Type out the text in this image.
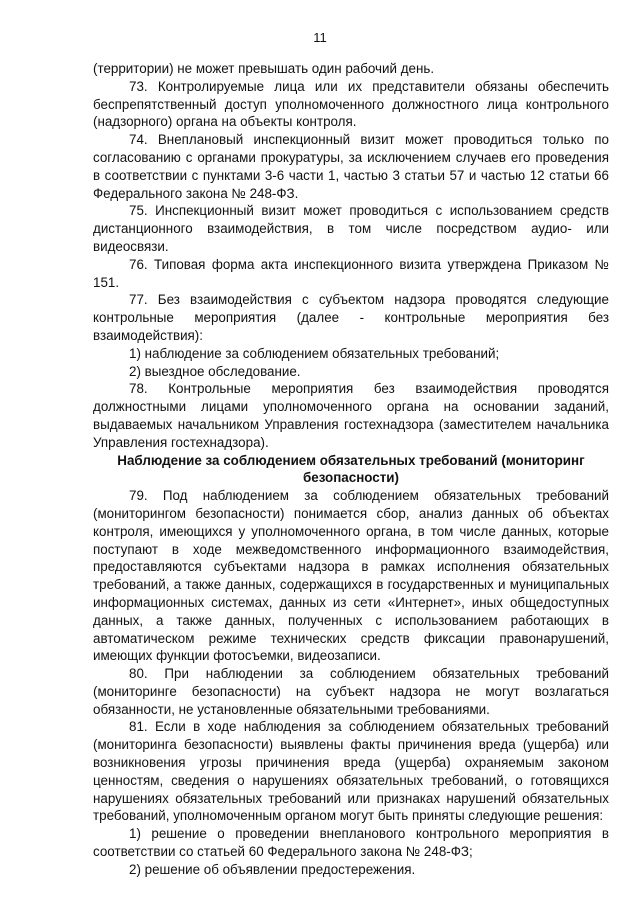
11

(территории) не может превышать один рабочий день.

73. Контролируемые лица или их представители обязаны обеспечить беспрепятственный доступ уполномоченного должностного лица контрольного (надзорного) органа на объекты контроля.

74. Внеплановый инспекционный визит может проводиться только по согласованию с органами прокуратуры, за исключением случаев его проведения в соответствии с пунктами 3-6 части 1, частью 3 статьи 57 и частью 12 статьи 66 Федерального закона № 248-ФЗ.

75. Инспекционный визит может проводиться с использованием средств дистанционного взаимодействия, в том числе посредством аудио- или видеосвязи.

76. Типовая форма акта инспекционного визита утверждена Приказом № 151.

77. Без взаимодействия с субъектом надзора проводятся следующие контрольные мероприятия (далее - контрольные мероприятия без взаимодействия):

1) наблюдение за соблюдением обязательных требований;

2) выездное обследование.

78. Контрольные мероприятия без взаимодействия проводятся должностными лицами уполномоченного органа на основании заданий, выдаваемых начальником Управления гостехнадзора (заместителем начальника Управления гостехнадзора).

Наблюдение за соблюдением обязательных требований (мониторинг безопасности)

79. Под наблюдением за соблюдением обязательных требований (мониторингом безопасности) понимается сбор, анализ данных об объектах контроля, имеющихся у уполномоченного органа, в том числе данных, которые поступают в ходе межведомственного информационного взаимодействия, предоставляются субъектами надзора в рамках исполнения обязательных требований, а также данных, содержащихся в государственных и муниципальных информационных системах, данных из сети «Интернет», иных общедоступных данных, а также данных, полученных с использованием работающих в автоматическом режиме технических средств фиксации правонарушений, имеющих функции фотосъемки, видеозаписи.

80. При наблюдении за соблюдением обязательных требований (мониторинге безопасности) на субъект надзора не могут возлагаться обязанности, не установленные обязательными требованиями.

81. Если в ходе наблюдения за соблюдением обязательных требований (мониторинга безопасности) выявлены факты причинения вреда (ущерба) или возникновения угрозы причинения вреда (ущерба) охраняемым законом ценностям, сведения о нарушениях обязательных требований, о готовящихся нарушениях обязательных требований или признаках нарушений обязательных требований, уполномоченным органом могут быть приняты следующие решения:

1) решение о проведении внепланового контрольного мероприятия в соответствии со статьей 60 Федерального закона № 248-ФЗ;

2) решение об объявлении предостережения.
